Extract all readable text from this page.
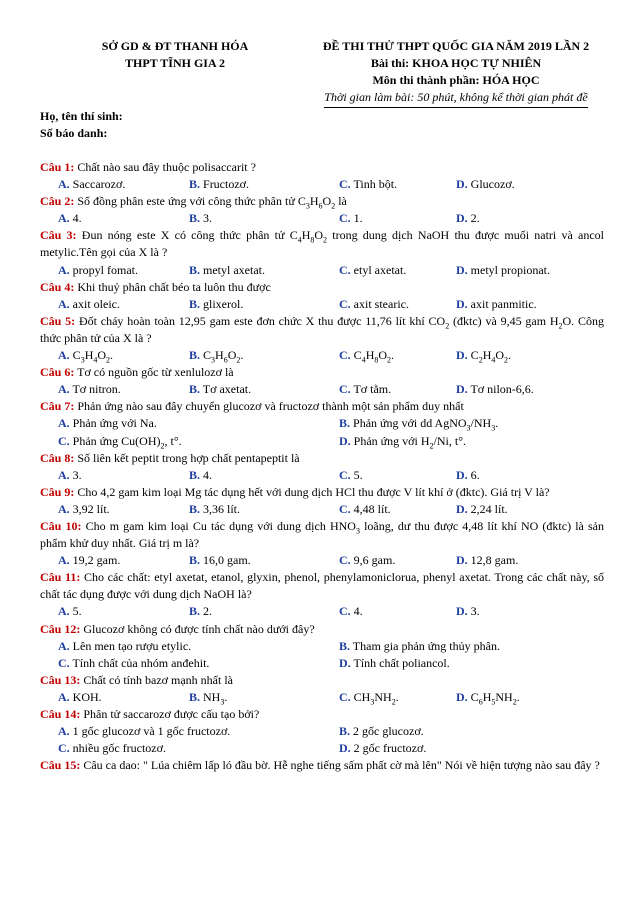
SỞ GD & ĐT THANH HÓA
THPT TĨNH GIA 2
ĐỀ THI THỬ THPT QUỐC GIA NĂM 2019 LẦN 2
Bài thi: KHOA HỌC TỰ NHIÊN
Môn thi thành phần: HÓA HỌC
Thời gian làm bài: 50 phút, không kể thời gian phát đề
Họ, tên thí sinh:
Số báo danh:

Câu 1: Chất nào sau đây thuộc polisaccarit ?

A. Saccarozơ.	B. Fructozơ.	C. Tinh bột.	D. Glucozơ.

Câu 2: Số đồng phân este ứng với công thức phân tử $C_3H_6O_2$ là

A. 4.	B. 3.	C. 1.	D. 2.

Câu 3: Đun nóng este X có công thức phân tử $C_4H_8O_2$ trong dung dịch NaOH thu được muối natri và ancol metylic.Tên gọi của X là ?

A. propyl fomat.	B. metyl axetat.	C. etyl axetat.	D. metyl propionat.

Câu 4: Khi thuỷ phân chất béo ta luôn thu được

A. axit oleic.	B. glixerol.	C. axit stearic.	D. axit panmitic.

Câu 5: Đốt cháy hoàn toàn 12,95 gam este đơn chức X thu được 11,76 lít khí $CO_2$ (đktc) và 9,45 gam $H_2O$. Công thức phân tử của X là ?

A. $C_3H_4O_2$.	B. $C_3H_6O_2$.	C. $C_4H_8O_2$.	D. $C_2H_4O_2$.

Câu 6: Tơ có nguồn gốc từ xenlulozơ là

A. Tơ nitron.	B. Tơ axetat.	C. Tơ tằm.	D. Tơ nilon-6,6.

Câu 7: Phản ứng nào sau đây chuyển glucozơ và fructozơ thành một sản phẩm duy nhất

A. Phản ứng với Na.	B. Phản ứng với dd $AgNO_3/NH_3$.
C. Phản ứng $Cu(OH)_2$, t°.	D. Phản ứng với $H_2/Ni$, t°.

Câu 8: Số liên kết peptit trong hợp chất pentapeptit là

A. 3.	B. 4.	C. 5.	D. 6.

Câu 9: Cho 4,2 gam kim loại Mg tác dụng hết với dung dịch HCl thu được V lít khí ở (đktc). Giá trị V là?

A. 3,92 lít.	B. 3,36 lít.	C. 4,48 lít.	D. 2,24 lít.

Câu 10: Cho m gam kim loại Cu tác dụng với dung dịch $HNO_3$ loãng, dư thu được 4,48 lít khí NO (đktc) là sản phẩm khử duy nhất. Giá trị m là?

A. 19,2 gam.	B. 16,0 gam.	C. 9,6 gam.	D. 12,8 gam.

Câu 11: Cho các chất: etyl axetat, etanol, glyxin, phenol, phenylamoniclorua, phenyl axetat. Trong các chất này, số chất tác dụng được với dung dịch NaOH là?

A. 5.	B. 2.	C. 4.	D. 3.

Câu 12: Glucozơ không có được tính chất nào dưới đây?

A. Lên men tạo rượu etylic.	B. Tham gia phản ứng thủy phân.
C. Tính chất của nhóm anđehit.	D. Tính chất poliancol.

Câu 13: Chất có tính bazơ mạnh nhất là

A. KOH.	B. $NH_3$.	C. $CH_3NH_2$.	D. $C_6H_5NH_2$.

Câu 14: Phân tử saccarozơ được cấu tạo bởi?

A. 1 gốc glucozơ và 1 gốc fructozơ.	B. 2 gốc glucozơ.
C. nhiều gốc fructozơ.	D. 2 gốc fructozơ.

Câu 15: Câu ca dao: " Lúa chiêm lấp ló đầu bờ. Hễ nghe tiếng sấm phất cờ mà lên" Nói về hiện tượng nào sau đây ?
